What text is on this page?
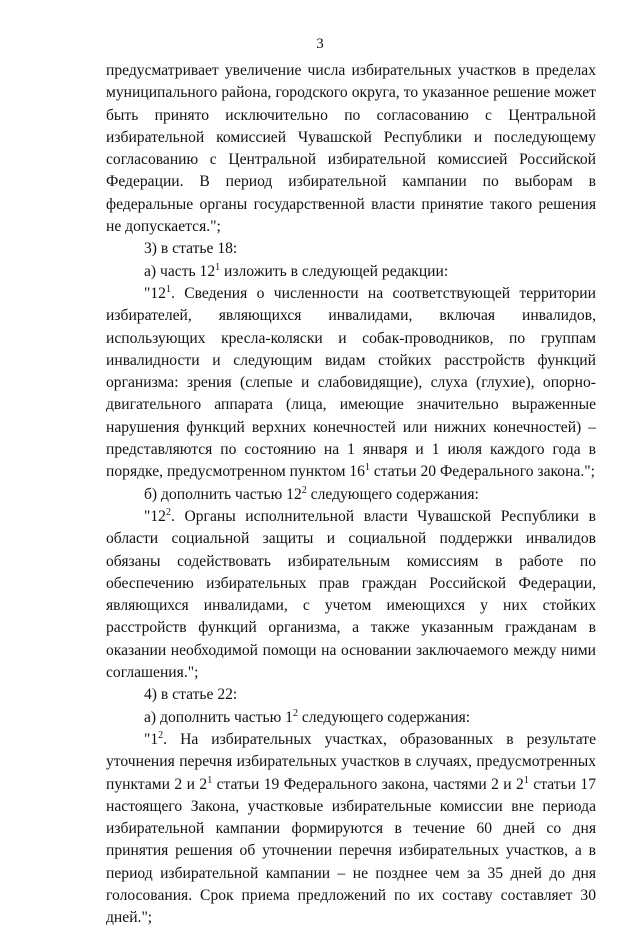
3

предусматривает увеличение числа избирательных участков в пределах муниципального района, городского округа, то указанное решение может быть принято исключительно по согласованию с Центральной избирательной комиссией Чувашской Республики и последующему согласованию с Центральной избирательной комиссией Российской Федерации. В период избирательной кампании по выборам в федеральные органы государственной власти принятие такого решения не допускается.";

3) в статье 18:

а) часть $12^1$ изложить в следующей редакции:

"$12^1$. Сведения о численности на соответствующей территории избирателей, являющихся инвалидами, включая инвалидов, использующих кресла-коляски и собак-проводников, по группам инвалидности и следующим видам стойких расстройств функций организма: зрения (слепые и слабовидящие), слуха (глухие), опорно-двигательного аппарата (лица, имеющие значительно выраженные нарушения функций верхних конечностей или нижних конечностей) – представляются по состоянию на 1 января и 1 июля каждого года в порядке, предусмотренном пунктом $16^1$ статьи 20 Федерального закона.";

б) дополнить частью $12^2$ следующего содержания:

"$12^2$. Органы исполнительной власти Чувашской Республики в области социальной защиты и социальной поддержки инвалидов обязаны содействовать избирательным комиссиям в работе по обеспечению избирательных прав граждан Российской Федерации, являющихся инвалидами, с учетом имеющихся у них стойких расстройств функций организма, а также указанным гражданам в оказании необходимой помощи на основании заключаемого между ними соглашения.";

4) в статье 22:

а) дополнить частью $1^2$ следующего содержания:

"$1^2$. На избирательных участках, образованных в результате уточнения перечня избирательных участков в случаях, предусмотренных пунктами 2 и $2^1$ статьи 19 Федерального закона, частями 2 и $2^1$ статьи 17 настоящего Закона, участковые избирательные комиссии вне периода избирательной кампании формируются в течение 60 дней со дня принятия решения об уточнении перечня избирательных участков, а в период избирательной кампании – не позднее чем за 35 дней до дня голосования. Срок приема предложений по их составу составляет 30 дней.";
